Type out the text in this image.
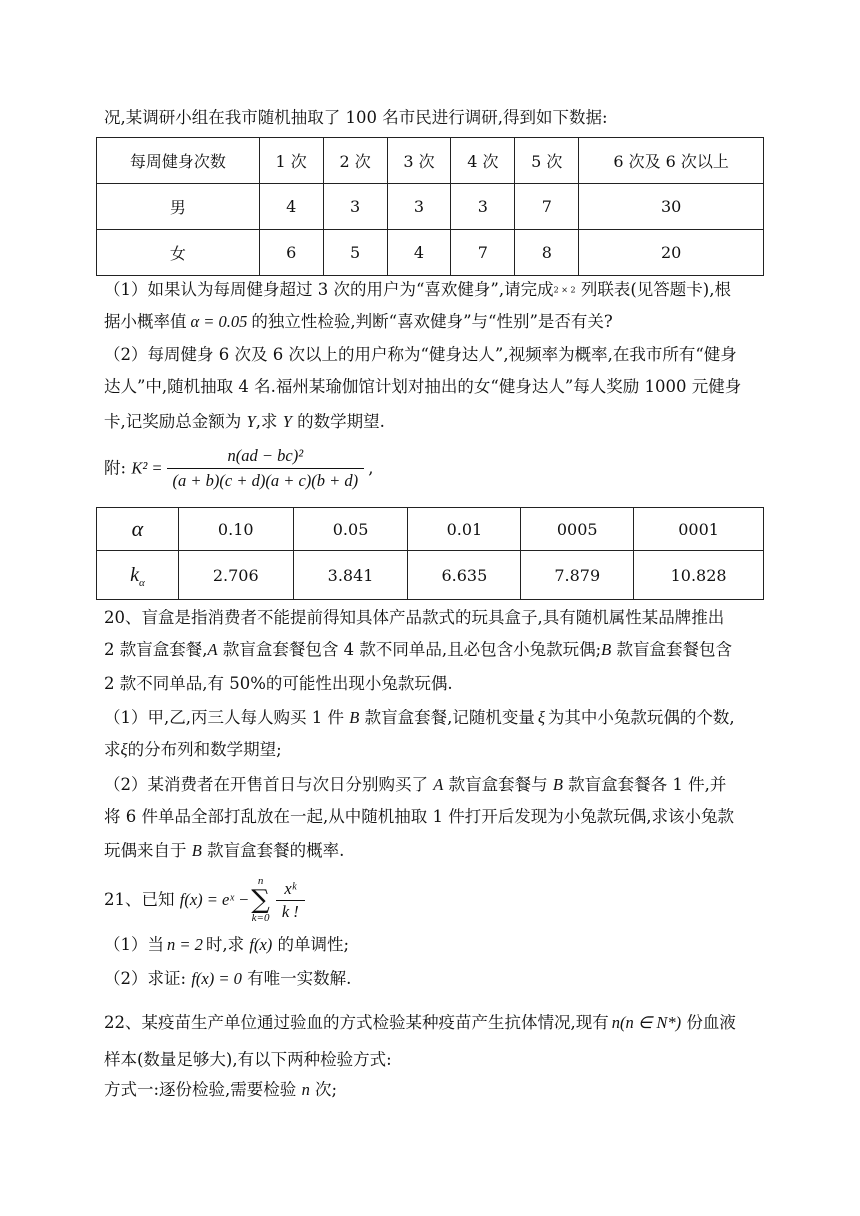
况,某调研小组在我市随机抽取了 100 名市民进行调研,得到如下数据:
每周健身次数	1 次	2 次	3 次	4 次	5 次	6 次及 6 次以上
男	4	3	3	3	7	30
女	6	5	4	7	8	20
（1）如果认为每周健身超过 3 次的用户为“喜欢健身”,请完成2 × 2 列联表(见答题卡),根
据小概率值 α = 0.05 的独立性检验,判断“喜欢健身”与“性别”是否有关?
（2）每周健身 6 次及 6 次以上的用户称为“健身达人”,视频率为概率,在我市所有“健身
达人”中,随机抽取 4 名.福州某瑜伽馆计划对抽出的女“健身达人”每人奖励 1000 元健身
卡,记奖励总金额为 Y,求 Y 的数学期望.
附: $K^2 = \frac{\text{n(ad − bc)²}}{(a + b)(c + d)(a + c)(b + d)}$ ,
α	0.10	0.05	0.01	0005	0001
$k_\alpha$	2.706	3.841	6.635	7.879	10.828
20、盲盒是指消费者不能提前得知具体产品款式的玩具盒子,具有随机属性某品牌推出
2 款盲盒套餐,A 款盲盒套餐包含 4 款不同单品,且必包含小兔款玩偶;B 款盲盒套餐包含
2 款不同单品,有 50%的可能性出现小兔款玩偶.
（1）甲,乙,丙三人每人购买 1 件 B 款盲盒套餐,记随机变量 ξ 为其中小兔款玩偶的个数,
求ξ的分布列和数学期望;
（2）某消费者在开售首日与次日分别购买了 A 款盲盒套餐与 B 款盲盒套餐各 1 件,并
将 6 件单品全部打乱放在一起,从中随机抽取 1 件打开后发现为小兔款玩偶,求该小兔款
玩偶来自于 B 款盲盒套餐的概率.
21、已知 f(x) = eˣ −
n
∑
$k=0 \frac{\text{xᵏ}}{k !}$
（1）当 n = 2 时,求 f(x) 的单调性;
（2）求证: f(x) = 0 有唯一实数解.
22、某疫苗生产单位通过验血的方式检验某种疫苗产生抗体情况,现有 n(n ∈ N*) 份血液
样本(数量足够大),有以下两种检验方式:
方式一:逐份检验,需要检验 n 次;
